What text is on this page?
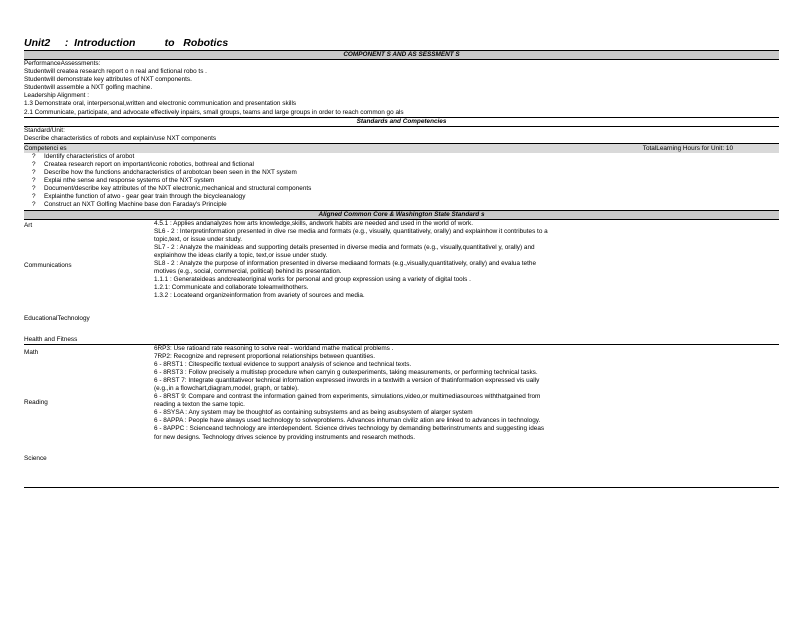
Unit2     :  Introduction          to   Robotics
COMPONENT S AND AS SESSMENT S
PerformanceAssessments:
Studentwill createa research report o n real and fictional robo ts .
Studentwill demonstrate key attributes of NXT components.
Studentwill assemble a NXT golfing machine.
Leadership Alignment :
1.3 Demonstrate oral, interpersonal,written and electronic communication and presentation skills
2.1 Communicate, participate, and advocate effectively inpairs, small groups, teams and large groups in order to reach common go als
Standards and Competencies
Standard/Unit:
Describe characteristics of robots and explain/use NXT components
Competenci es	TotalLearning Hours for Unit: 10
? Identify characteristics of arobot
? Createa research report on important/iconic robotics, bothreal and fictional
? Describe how the functions andcharacteristics of arobotcan been seen in the NXT system
? Explai nthe sense and response systems of the NXT system
? Document/describe key attributes of the NXT electronic,mechanical and structural components
? Explainthe function of atwo - gear gear train through the bicycleanalogy
? Construct an NXT Golfing Machine base don Faraday's Principle
Aligned Common Core & Washington State Standard s
Art
Communications
EducationalTechnology
Health and Fitness
4.5.1 : Applies andanalyzes how arts knowledge,skills, andwork habits are needed and used in the world of work.
SL6 - 2 : Interpretinformation presented in dive rse media and formats (e.g., visually, quantitatively, orally) and explainhow it contributes to a
topic,text, or issue under study.
SL7 - 2 : Analyze the mainideas and supporting details presented in diverse media and formats (e.g., visually,quantitativel y, orally) and
explainhow the ideas clarify a topic, text,or issue under study.
SL8 - 2 : Analyze the purpose of information presented in diverse mediaand formats (e.g.,visually,quantitatively, orally) and evalua tethe
motives (e.g., social, commercial, political) behind its presentation.
1.1.1 : Generateideas andcreateoriginal works for personal and group expression using a variety of digital tools .
1.2.1: Communicate and collaborate toleamwithothers.
1.3.2 : Locateand organizeinformation from avariety of sources and media.
Math
Reading
Science
6RP3: Use ratioand rate reasoning to solve real - worldand mathe matical problems .
7RP2: Recognize and represent proportional relationships between quantities.
6 - 8RST1 : Citespecific textual evidence to support analysis of science and technical texts.
6 - 8RST3 : Follow precisely a multistep procedure when carryin g outexperiments, taking measurements, or performing technical tasks.
6 - 8RST 7: Integrate quantitativeor technical information expressed inwords in a textwith a version of thatinformation expressed vis ually
(e.g.,in a flowchart,diagram,model, graph, or table).
6 - 8RST 9: Compare and contrast the information gained from experiments, simulations,video,or multimediasources withthatgained from
reading a texton the same topic.
6 - 8SYSA : Any system may be thoughtof as containing subsystems and as being asubsystem of alarger system
6 - 8APPA : People have always used technology to solveproblems. Advances inhuman civiliz ation are linked to advances in technology.
6 - 8APPC : Scienceand technology are interdependent. Science drives technology by demanding betterinstruments and suggesting ideas
for new designs. Technology drives science by providing instruments and research methods.
